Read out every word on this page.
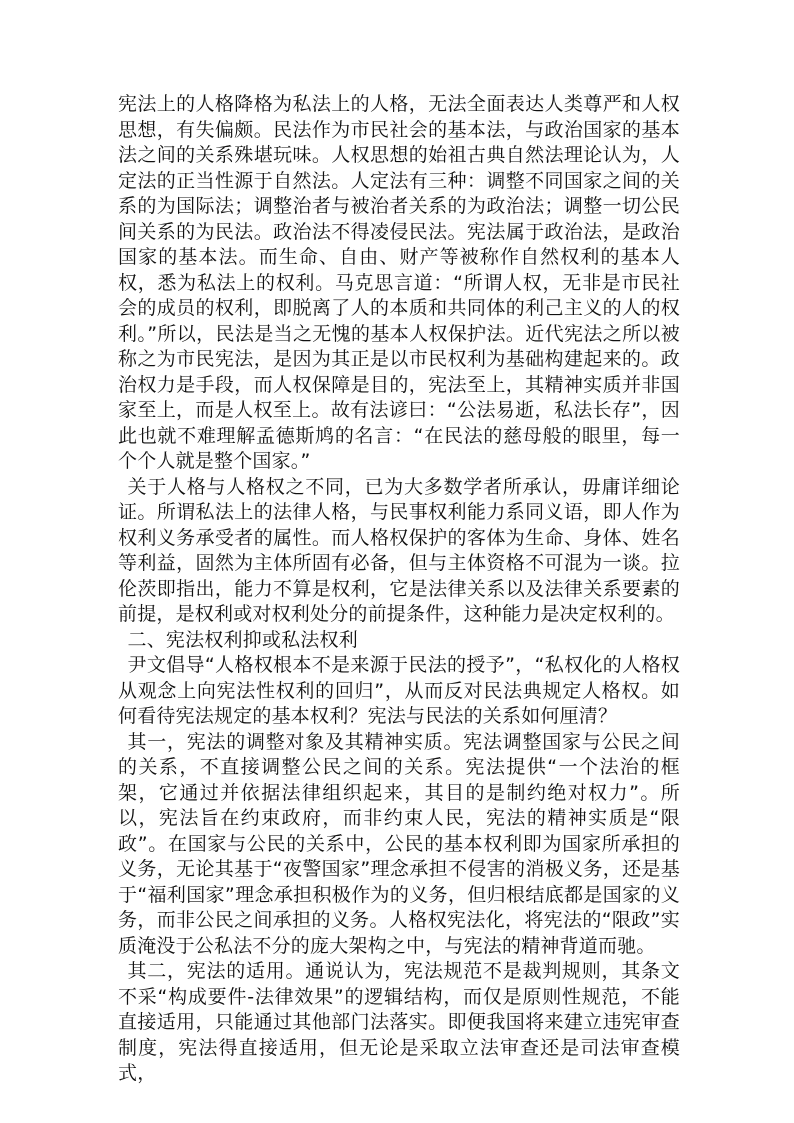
宪法上的人格降格为私法上的人格，无法全面表达人类尊严和人权思想，有失偏颇。民法作为市民社会的基本法，与政治国家的基本法之间的关系殊堪玩味。人权思想的始祖古典自然法理论认为，人定法的正当性源于自然法。人定法有三种：调整不同国家之间的关系的为国际法；调整治者与被治者关系的为政治法；调整一切公民间关系的为民法。政治法不得凌侵民法。宪法属于政治法，是政治国家的基本法。而生命、自由、财产等被称作自然权利的基本人权，悉为私法上的权利。马克思言道：“所谓人权，无非是市民社会的成员的权利，即脱离了人的本质和共同体的利己主义的人的权利。”所以，民法是当之无愧的基本人权保护法。近代宪法之所以被称之为市民宪法，是因为其正是以市民权利为基础构建起来的。政治权力是手段，而人权保障是目的，宪法至上，其精神实质并非国家至上，而是人权至上。故有法谚曰：“公法易逝，私法长存”，因此也就不难理解孟德斯鸠的名言：“在民法的慈母般的眼里，每一个个人就是整个国家。”

关于人格与人格权之不同，已为大多数学者所承认，毋庸详细论证。所谓私法上的法律人格，与民事权利能力系同义语，即人作为权利义务承受者的属性。而人格权保护的客体为生命、身体、姓名等利益，固然为主体所固有必备，但与主体资格不可混为一谈。拉伦茨即指出，能力不算是权利，它是法律关系以及法律关系要素的前提，是权利或对权利处分的前提条件，这种能力是决定权利的。

二、宪法权利抑或私法权利

尹文倡导“人格权根本不是来源于民法的授予”，“私权化的人格权从观念上向宪法性权利的回归”，从而反对民法典规定人格权。如何看待宪法规定的基本权利？宪法与民法的关系如何厘清？

其一，宪法的调整对象及其精神实质。宪法调整国家与公民之间的关系，不直接调整公民之间的关系。宪法提供“一个法治的框架，它通过并依据法律组织起来，其目的是制约绝对权力”。所以，宪法旨在约束政府，而非约束人民，宪法的精神实质是“限政”。在国家与公民的关系中，公民的基本权利即为国家所承担的义务，无论其基于“夜警国家”理念承担不侵害的消极义务，还是基于“福利国家”理念承担积极作为的义务，但归根结底都是国家的义务，而非公民之间承担的义务。人格权宪法化，将宪法的“限政”实质淹没于公私法不分的庞大架构之中，与宪法的精神背道而驰。

其二，宪法的适用。通说认为，宪法规范不是裁判规则，其条文不采“构成要件-法律效果”的逻辑结构，而仅是原则性规范，不能直接适用，只能通过其他部门法落实。即便我国将来建立违宪审查制度，宪法得直接适用，但无论是采取立法审查还是司法审查模式，
